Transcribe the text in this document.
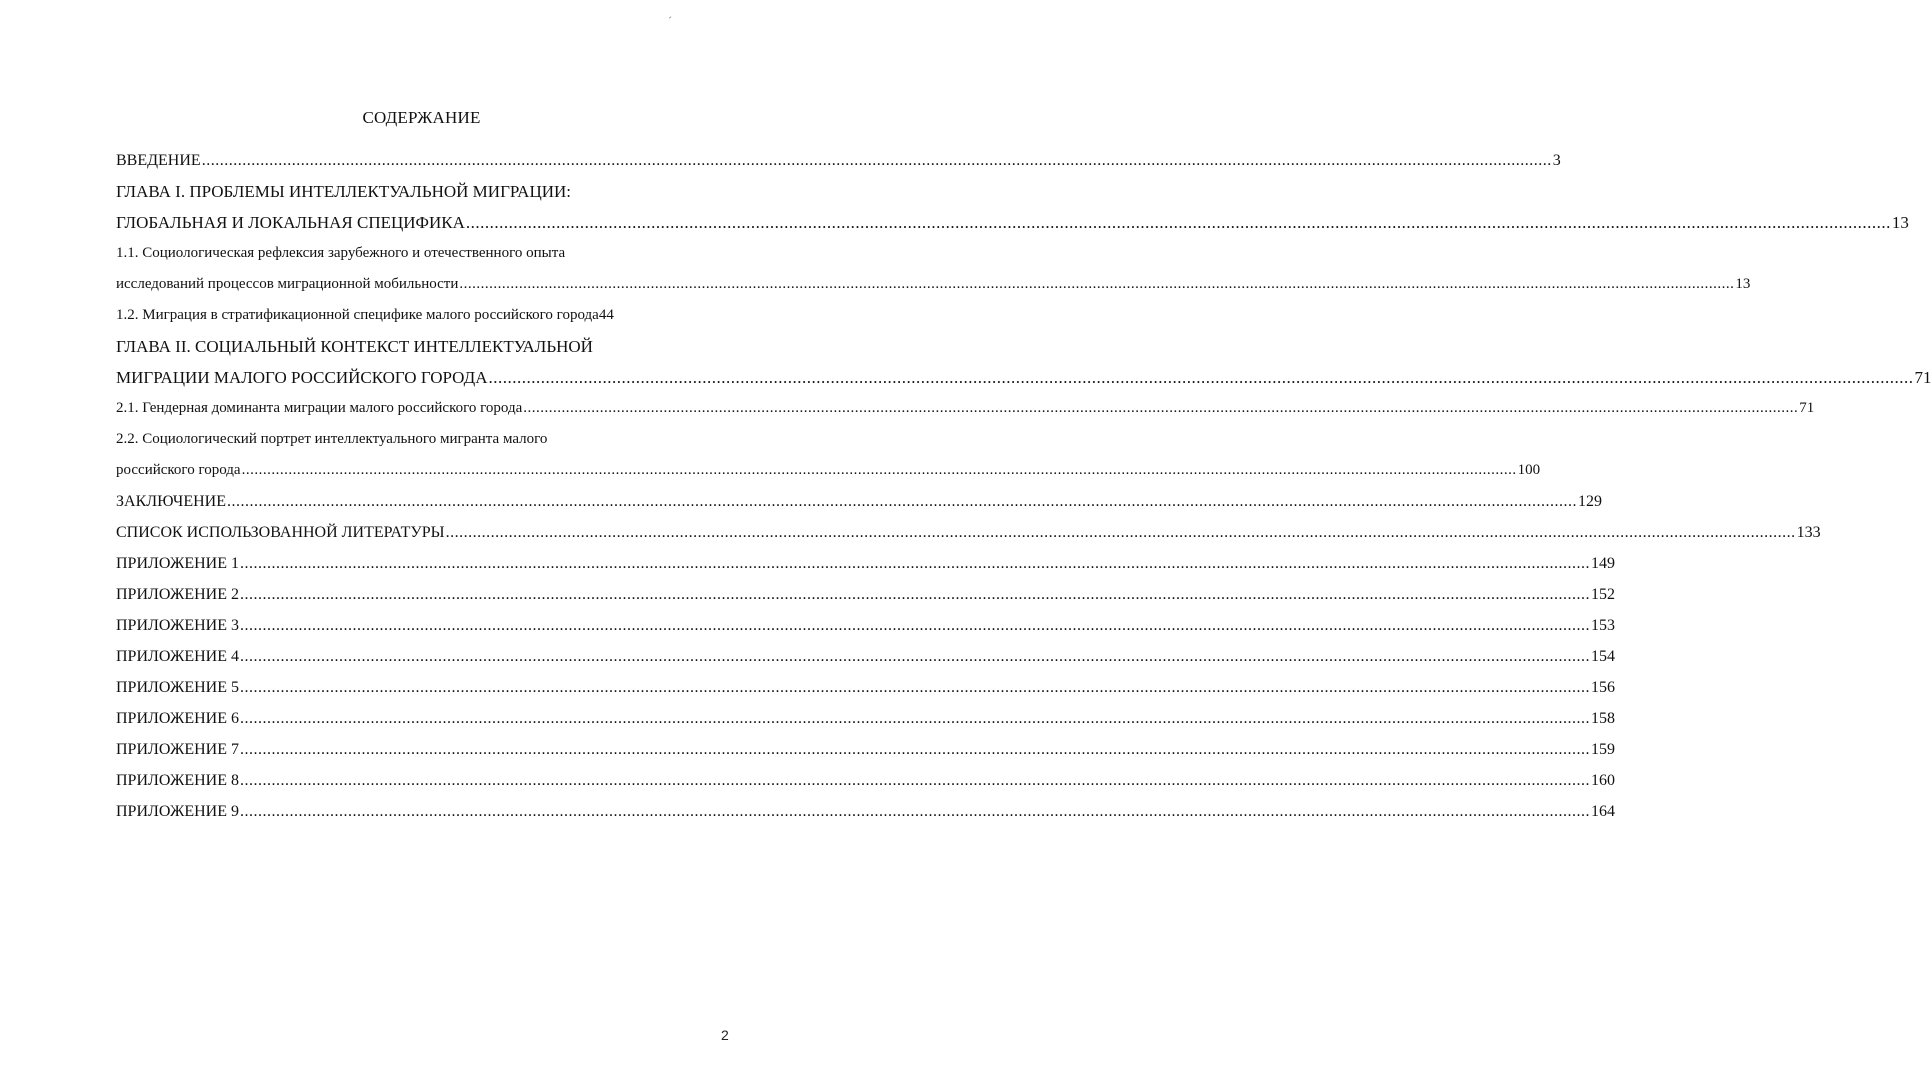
ˊ
СОДЕРЖАНИЕ
ВВЕДЕНИЕ ............................................................................................................................................................................................................................................................................................................ 3
ГЛАВА I. ПРОБЛЕМЫ ИНТЕЛЛЕКТУАЛЬНОЙ МИГРАЦИИ:
ГЛОБАЛЬНАЯ И ЛОКАЛЬНАЯ СПЕЦИФИКА ............................................................................................................................................................................................................................................................................................................ 13
1.1. Социологическая рефлексия зарубежного и отечественного опыта
исследований процессов миграционной мобильности ............................................................................................................................................................................................................................................................................................................ 13
1.2. Миграция в стратификационной специфике малого российского города 44
ГЛАВА II. СОЦИАЛЬНЫЙ КОНТЕКСТ ИНТЕЛЛЕКТУАЛЬНОЙ
МИГРАЦИИ МАЛОГО РОССИЙСКОГО ГОРОДА ............................................................................................................................................................................................................................................................................................................ 71
2.1. Гендерная доминанта миграции малого российского города ............................................................................................................................................................................................................................................................................................................ 71
2.2. Социологический портрет интеллектуального мигранта малого
российского города ............................................................................................................................................................................................................................................................................................................ 100
ЗАКЛЮЧЕНИЕ ............................................................................................................................................................................................................................................................................................................ 129
СПИСОК ИСПОЛЬЗОВАННОЙ ЛИТЕРАТУРЫ ............................................................................................................................................................................................................................................................................................................ 133
ПРИЛОЖЕНИЕ 1 ............................................................................................................................................................................................................................................................................................................ 149
ПРИЛОЖЕНИЕ 2 ............................................................................................................................................................................................................................................................................................................ 152
ПРИЛОЖЕНИЕ 3 ............................................................................................................................................................................................................................................................................................................ 153
ПРИЛОЖЕНИЕ 4 ............................................................................................................................................................................................................................................................................................................ 154
ПРИЛОЖЕНИЕ 5 ............................................................................................................................................................................................................................................................................................................ 156
ПРИЛОЖЕНИЕ 6 ............................................................................................................................................................................................................................................................................................................ 158
ПРИЛОЖЕНИЕ 7 ............................................................................................................................................................................................................................................................................................................ 159
ПРИЛОЖЕНИЕ 8 ............................................................................................................................................................................................................................................................................................................ 160
ПРИЛОЖЕНИЕ 9 ............................................................................................................................................................................................................................................................................................................ 164
2
